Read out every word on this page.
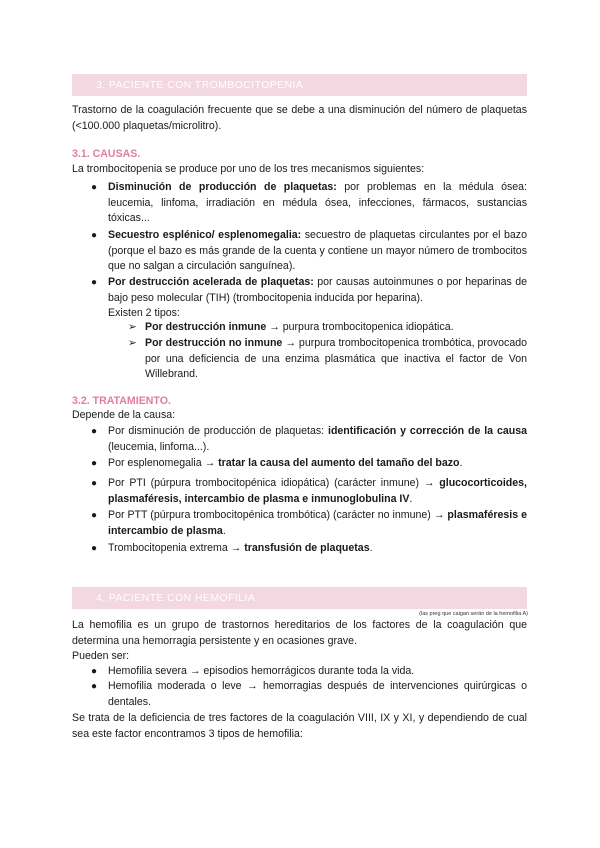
3. PACIENTE CON TROMBOCITOPENIA
Trastorno de la coagulación frecuente que se debe a una disminución del número de plaquetas (<100.000 plaquetas/microlitro).
3.1. CAUSAS.
La trombocitopenia se produce por uno de los tres mecanismos siguientes:
● Disminución de producción de plaquetas: por problemas en la médula ósea: leucemia, linfoma, irradiación en médula ósea, infecciones, fármacos, sustancias tóxicas...
● Secuestro esplénico/ esplenomegalia: secuestro de plaquetas circulantes por el bazo (porque el bazo es más grande de la cuenta y contiene un mayor número de trombocitos que no salgan a circulación sanguínea).
● Por destrucción acelerada de plaquetas: por causas autoinmunes o por heparinas de bajo peso molecular (TIH) (trombocitopenia inducida por heparina).
Existen 2 tipos:
➢ Por destrucción inmune → purpura trombocitopenica idiopática.
➢ Por destrucción no inmune → purpura trombocitopenica trombótica, provocado por una deficiencia de una enzima plasmática que inactiva el factor de Von Willebrand.
3.2. TRATAMIENTO.
Depende de la causa:
● Por disminución de producción de plaquetas: identificación y corrección de la causa (leucemia, linfoma...).
● Por esplenomegalia → tratar la causa del aumento del tamaño del bazo.
● Por PTI (púrpura trombocitopénica idiopática) (carácter inmune) → glucocorticoides, plasmaféresis, intercambio de plasma e inmunoglobulina IV.
● Por PTT (púrpura trombocitopénica trombótica) (carácter no inmune) → plasmaféresis e intercambio de plasma.
● Trombocitopenia extrema → transfusión de plaquetas.
4. PACIENTE CON HEMOFILIA
(las preg que caigan serán de la hemofilia A)
La hemofilia es un grupo de trastornos hereditarios de los factores de la coagulación que determina una hemorragia persistente y en ocasiones grave.
Pueden ser:
● Hemofilia severa → episodios hemorrágicos durante toda la vida.
● Hemofilia moderada o leve → hemorragias después de intervenciones quirúrgicas o dentales.
Se trata de la deficiencia de tres factores de la coagulación VIII, IX y XI, y dependiendo de cual sea este factor encontramos 3 tipos de hemofilia:
